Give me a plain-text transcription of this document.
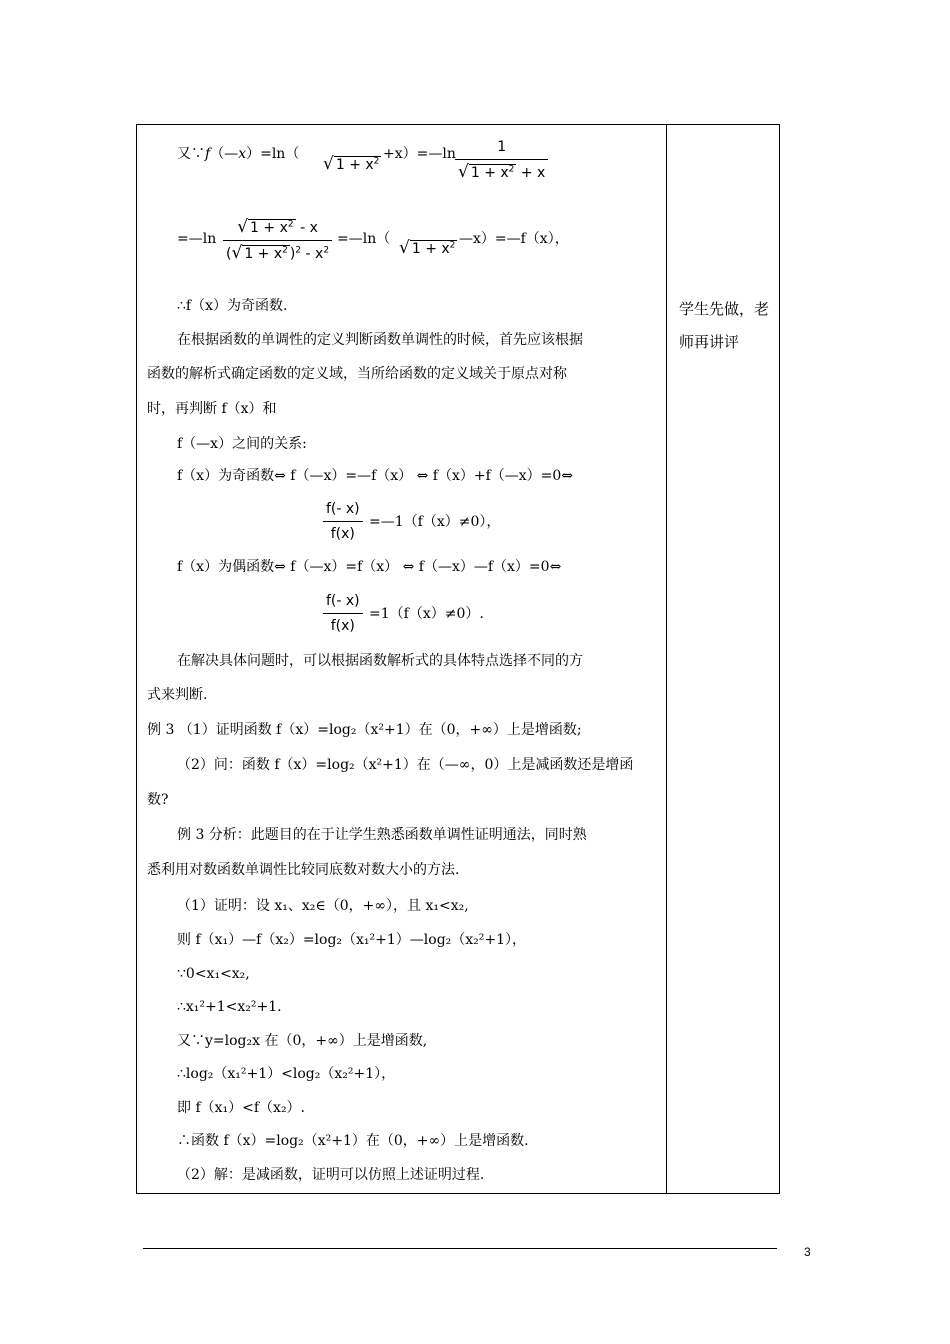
又∵f（—x）=ln（ √ $1 + x^2$ +x）=—ln $\frac{1}{√ 1 + x^2 + x}$
=—ln $\frac{√ 1 + x^2 - x}{(√ 1 + x^2 )^2 - x^2}$ =—ln（ √ $1 + x^2$ —x）=—f（x），
∴f（x）为奇函数.
在根据函数的单调性的定义判断函数单调性的时候，首先应该根据
函数的解析式确定函数的定义域，当所给函数的定义域关于原点对称
时，再判断 f（x）和
f（—x）之间的关系:
f（x）为奇函数⇔ f（—x）=—f（x） ⇔ f（x）+f（—x）=0⇔
$\frac{f(- x)}{f(x)}$ =—1（f（x）≠0），
f（x）为偶函数⇔ f（—x）=f（x） ⇔ f（—x）—f（x）=0⇔
$\frac{f(- x)}{f(x)} =1(f(x)\ne 0)$.
在解决具体问题时，可以根据函数解析式的具体特点选择不同的方
式来判断.
例 3 （1）证明函数 f（x）=log₂（x²+1）在（0，+∞）上是增函数;
（2）问：函数 f（x）=log₂（x²+1）在（—∞，0）上是减函数还是增函
数?
例 3 分析：此题目的在于让学生熟悉函数单调性证明通法，同时熟
悉利用对数函数单调性比较同底数对数大小的方法.
（1）证明：设 x₁、x₂∈（0，+∞），且 x₁<x₂,
则 f（x₁）—f（x₂）=log₂（x₁²+1）—log₂（x₂²+1），
∵0<x₁<x₂,
∴x₁²+1<x₂²+1.
又∵y=log₂x 在（0，+∞）上是增函数,
∴log₂（x₁²+1）<log₂（x₂²+1），
即 f（x₁）<f（x₂）.
∴函数 f（x）=log₂（x²+1）在（0，+∞）上是增函数.
（2）解：是减函数，证明可以仿照上述证明过程.
学生先做，老师再讲评
3
